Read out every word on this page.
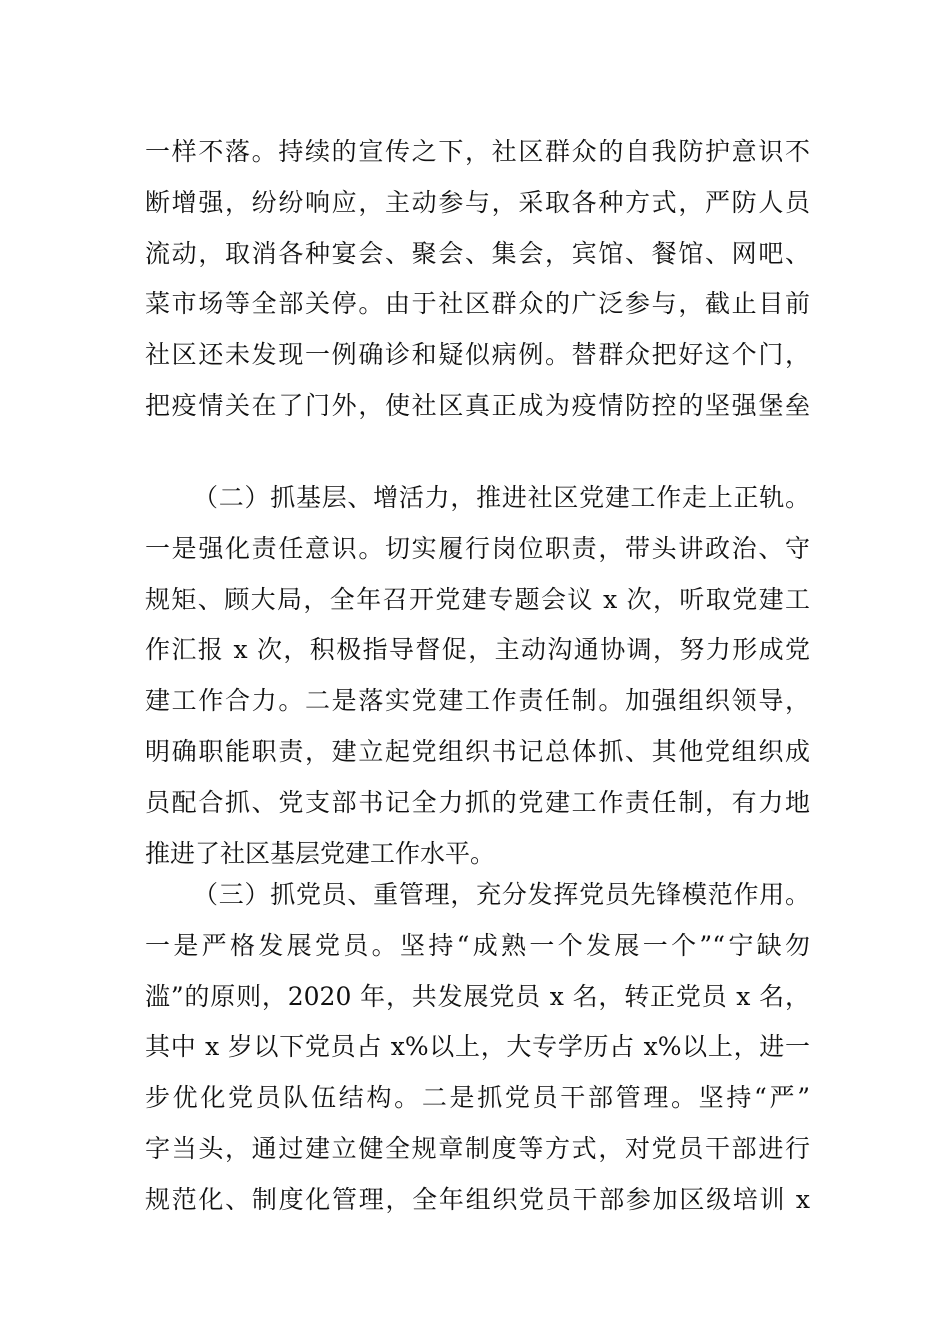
一样不落。持续的宣传之下，社区群众的自我防护意识不
断增强，纷纷响应，主动参与，采取各种方式，严防人员
流动，取消各种宴会、聚会、集会，宾馆、餐馆、网吧、
菜市场等全部关停。由于社区群众的广泛参与，截止目前
社区还未发现一例确诊和疑似病例。替群众把好这个门，
把疫情关在了门外，使社区真正成为疫情防控的坚强堡垒
（二）抓基层、增活力，推进社区党建工作走上正轨。
一是强化责任意识。切实履行岗位职责，带头讲政治、守
规矩、顾大局，全年召开党建专题会议 x 次，听取党建工
作汇报 x 次，积极指导督促，主动沟通协调，努力形成党
建工作合力。二是落实党建工作责任制。加强组织领导，
明确职能职责，建立起党组织书记总体抓、其他党组织成
员配合抓、党支部书记全力抓的党建工作责任制，有力地
推进了社区基层党建工作水平。
（三）抓党员、重管理，充分发挥党员先锋模范作用。
一是严格发展党员。坚持“成熟一个发展一个”“宁缺勿
滥”的原则，2020 年，共发展党员 x 名，转正党员 x 名，
其中 x 岁以下党员占 x%以上，大专学历占 x%以上，进一
步优化党员队伍结构。二是抓党员干部管理。坚持“严”
字当头，通过建立健全规章制度等方式，对党员干部进行
规范化、制度化管理，全年组织党员干部参加区级培训 x
